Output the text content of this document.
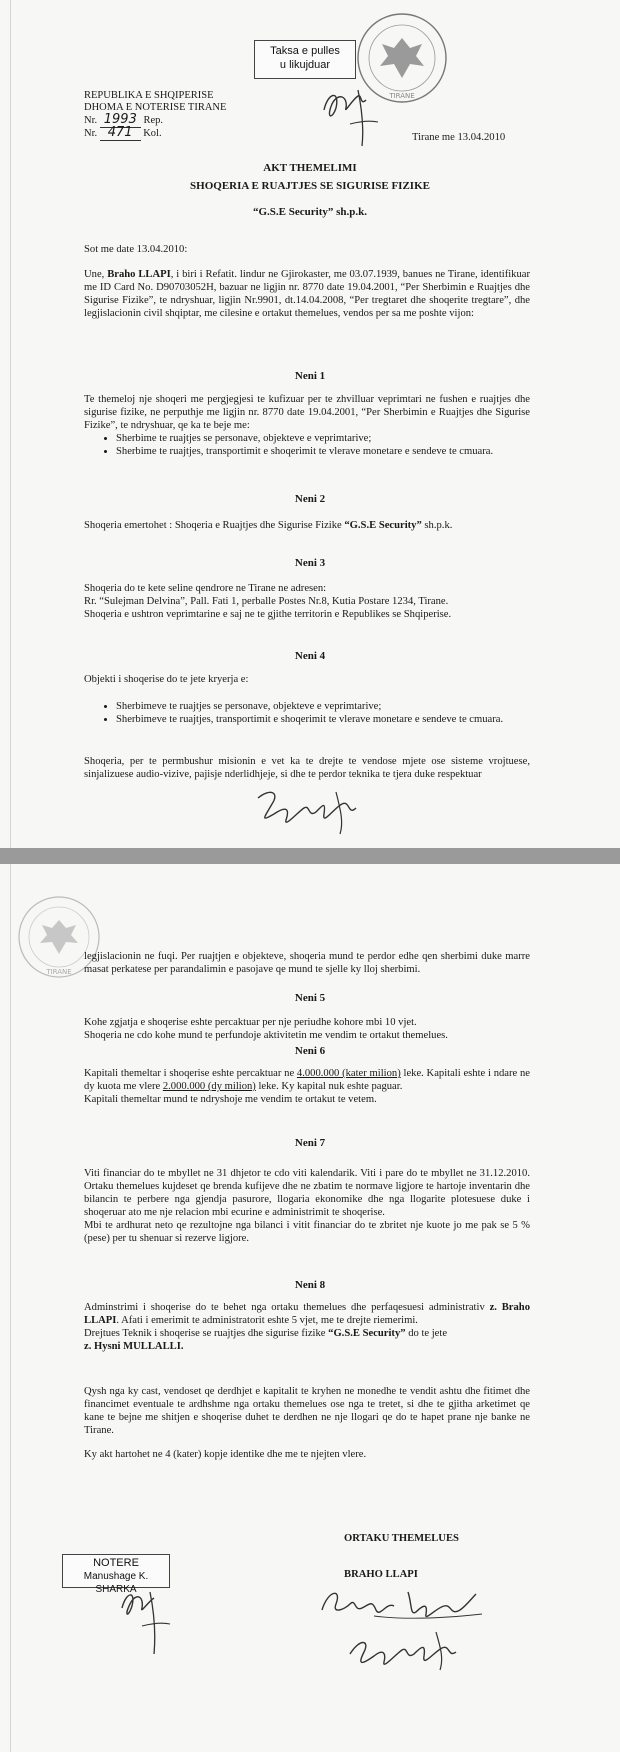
Taksa e pulles
u likujduar
TIRANE
REPUBLIKA E SHQIPERISE
DHOMA E NOTERISE TIRANE
Nr. 1993 Rep.
Nr. 471 Kol.	Tirane me 13.04.2010
AKT THEMELIMI
SHOQERIA E RUAJTJES SE SIGURISE FIZIKE
“G.S.E Security” sh.p.k.
Sot me date 13.04.2010:
Une, Braho LLAPI, i biri i Refatit. lindur ne Gjirokaster, me 03.07.1939, banues ne Tirane, identifikuar me ID Card No. D90703052H, bazuar ne ligjin nr. 8770 date 19.04.2001, “Per Sherbimin e Ruajtjes dhe Sigurise Fizike”, te ndryshuar, ligjin Nr.9901, dt.14.04.2008, “Per tregtaret dhe shoqerite tregtare”, dhe legjislacionin civil shqiptar, me cilesine e ortakut themelues, vendos per sa me poshte vijon:
Neni 1
Te themeloj nje shoqeri me pergjegjesi te kufizuar per te zhvilluar veprimtari ne fushen e ruajtjes dhe sigurise fizike, ne perputhje me ligjin nr. 8770 date 19.04.2001, “Per Sherbimin e Ruajtjes dhe Sigurise Fizike”, te ndryshuar, qe ka te beje me:
• Sherbime te ruajtjes se personave, objekteve e veprimtarive;
• Sherbime te ruajtjes, transportimit e shoqerimit te vlerave monetare e sendeve te cmuara.
Neni 2
Shoqeria emertohet : Shoqeria e Ruajtjes dhe Sigurise Fizike “G.S.E Security” sh.p.k.
Neni 3
Shoqeria do te kete seline qendrore ne Tirane ne adresen:
Rr. “Sulejman Delvina”, Pall. Fati 1, perballe Postes Nr.8, Kutia Postare 1234, Tirane.
Shoqeria e ushtron veprimtarine e saj ne te gjithe territorin e Republikes se Shqiperise.
Neni 4
Objekti i shoqerise do te jete kryerja e:
• Sherbimeve te ruajtjes se personave, objekteve e veprimtarive;
• Sherbimeve te ruajtjes, transportimit e shoqerimit te vlerave monetare e sendeve te cmuara.
Shoqeria, per te permbushur misionin e vet ka te drejte te vendose mjete ose sisteme vrojtuese, sinjalizuese audio-vizive, pajisje nderlidhjeje, si dhe te perdor teknika te tjera duke respektuar
TIRANE
legjislacionin ne fuqi. Per ruajtjen e objekteve, shoqeria mund te perdor edhe qen sherbimi duke marre masat perkatese per parandalimin e pasojave qe mund te sjelle ky lloj sherbimi.
Neni 5
Kohe zgjatja e shoqerise eshte percaktuar per nje periudhe kohore mbi 10 vjet.
Shoqeria ne cdo kohe mund te perfundoje aktivitetin me vendim te ortakut themelues.
Neni 6
Kapitali themeltar i shoqerise eshte percaktuar ne 4.000.000 (kater milion) leke. Kapitali eshte i ndare ne dy kuota me vlere 2.000.000 (dy milion) leke. Ky kapital nuk eshte paguar.
Kapitali themeltar mund te ndryshoje me vendim te ortakut te vetem.
Neni 7
Viti financiar do te mbyllet ne 31 dhjetor te cdo viti kalendarik. Viti i pare do te mbyllet ne 31.12.2010. Ortaku themelues kujdeset qe brenda kufijeve dhe ne zbatim te normave ligjore te hartoje inventarin dhe bilancin te perbere nga gjendja pasurore, llogaria ekonomike dhe nga llogarite plotesuese duke i shoqeruar ato me nje relacion mbi ecurine e administrimit te shoqerise.
Mbi te ardhurat neto qe rezultojne nga bilanci i vitit financiar do te zbritet nje kuote jo me pak se 5 % (pese) per tu shenuar si rezerve ligjore.
Neni 8
Adminstrimi i shoqerise do te behet nga ortaku themelues dhe perfaqesuesi administrativ z. Braho LLAPI. Afati i emerimit te administratorit eshte 5 vjet, me te drejte riemerimi.
Drejtues Teknik i shoqerise se ruajtjes dhe sigurise fizike “G.S.E Security” do te jete
z. Hysni MULLALLI.
Qysh nga ky cast, vendoset qe derdhjet e kapitalit te kryhen ne monedhe te vendit ashtu dhe fitimet dhe financimet eventuale te ardhshme nga ortaku themelues ose nga te tretet, si dhe te gjitha arketimet qe kane te bejne me shitjen e shoqerise duhet te derdhen ne nje llogari qe do te hapet prane nje banke ne Tirane.
Ky akt hartohet ne 4 (kater) kopje identike dhe me te njejten vlere.
ORTAKU THEMELUES
BRAHO LLAPI
NOTERE
Manushage K. SHARKA
